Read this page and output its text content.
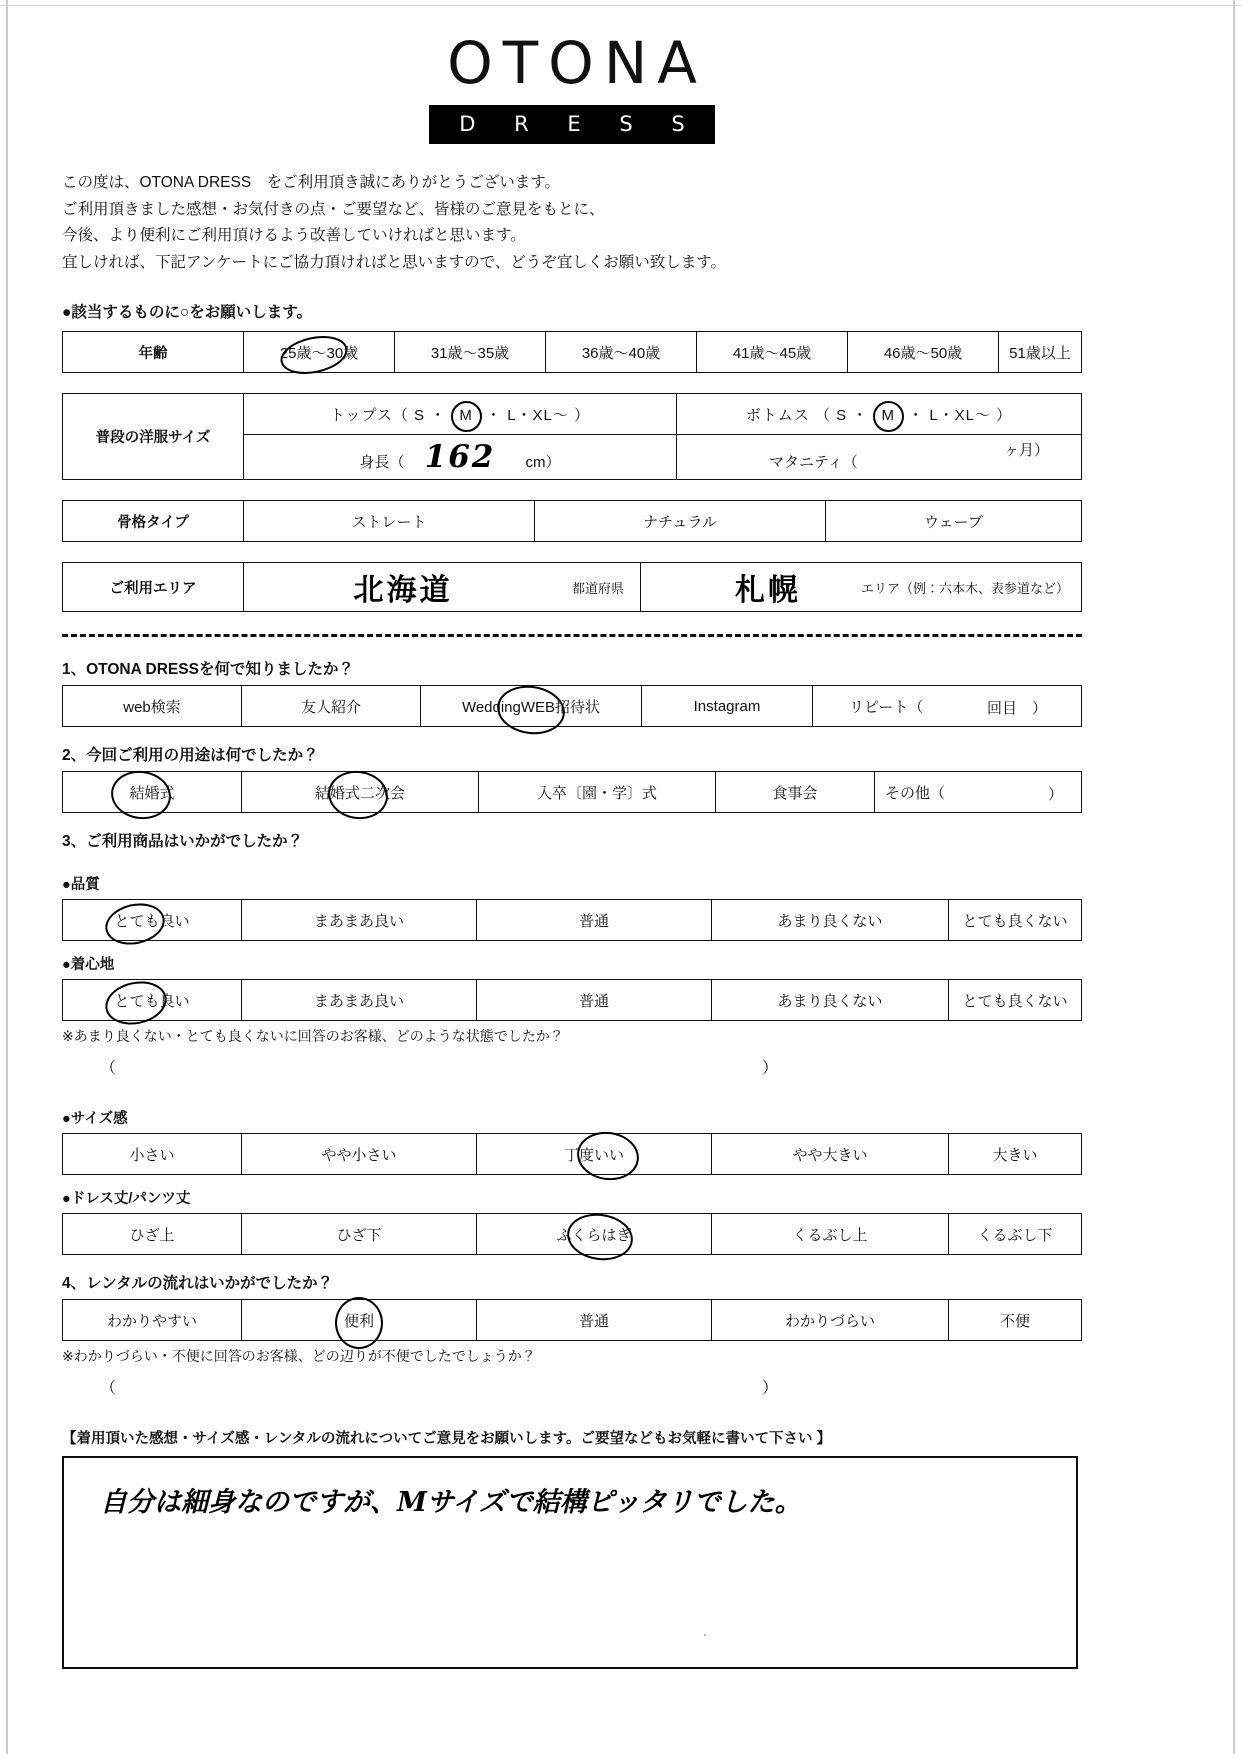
OTONA
D R E S S
この度は、OTONA DRESS　をご利用頂き誠にありがとうございます。
ご利用頂きました感想・お気付きの点・ご要望など、皆様のご意見をもとに、
今後、より便利にご利用頂けるよう改善していければと思います。
宜しければ、下記アンケートにご協力頂ければと思いますので、どうぞ宜しくお願い致します。
●該当するものに○をお願いします。
年齢	25歳～30歳	31歳～35歳	36歳～40歳	41歳～45歳	46歳～50歳	51歳以上
普段の洋服サイズ	トップス（ S ・ M ・ L・XL～ ）	ボトムス （ S ・ M ・ L・XL～ ）
	身長（ 162 cm）	マタニティ（
ヶ月）
骨格タイプ	ストレート	ナチュラル	ウェーブ
ご利用エリア	北海道	都道府県	札幌	エリア（例：六本木、表参道など）
1、OTONA DRESSを何で知りましたか？
web検索	友人紹介	WeddingWEB招待状	Instagram	リピート（	回目　）
2、今回ご利用の用途は何でしたか？
結婚式	結婚式二次会	入卒〔園・学〕式	食事会	その他（	）
3、ご利用商品はいかがでしたか？
●品質
とても良い	まあまあ良い	普通	あまり良くない	とても良くない
●着心地
とても良い	まあまあ良い	普通	あまり良くない	とても良くない
※あまり良くない・とても良くないに回答のお客様、どのような状態でしたか？
（	）
●サイズ感
小さい	やや小さい	丁度いい	やや大きい	大きい
●ドレス丈/パンツ丈
ひざ上	ひざ下	ふくらはぎ	くるぶし上	くるぶし下
4、レンタルの流れはいかがでしたか？
わかりやすい	便利	普通	わかりづらい	不便
※わかりづらい・不便に回答のお客様、どの辺りが不便でしたでしょうか？
（	）
【着用頂いた感想・サイズ感・レンタルの流れについてご意見をお願いします。ご要望などもお気軽に書いて下さい 】
自分は細身なのですが、Mサイズで結構ピッタリでした。
